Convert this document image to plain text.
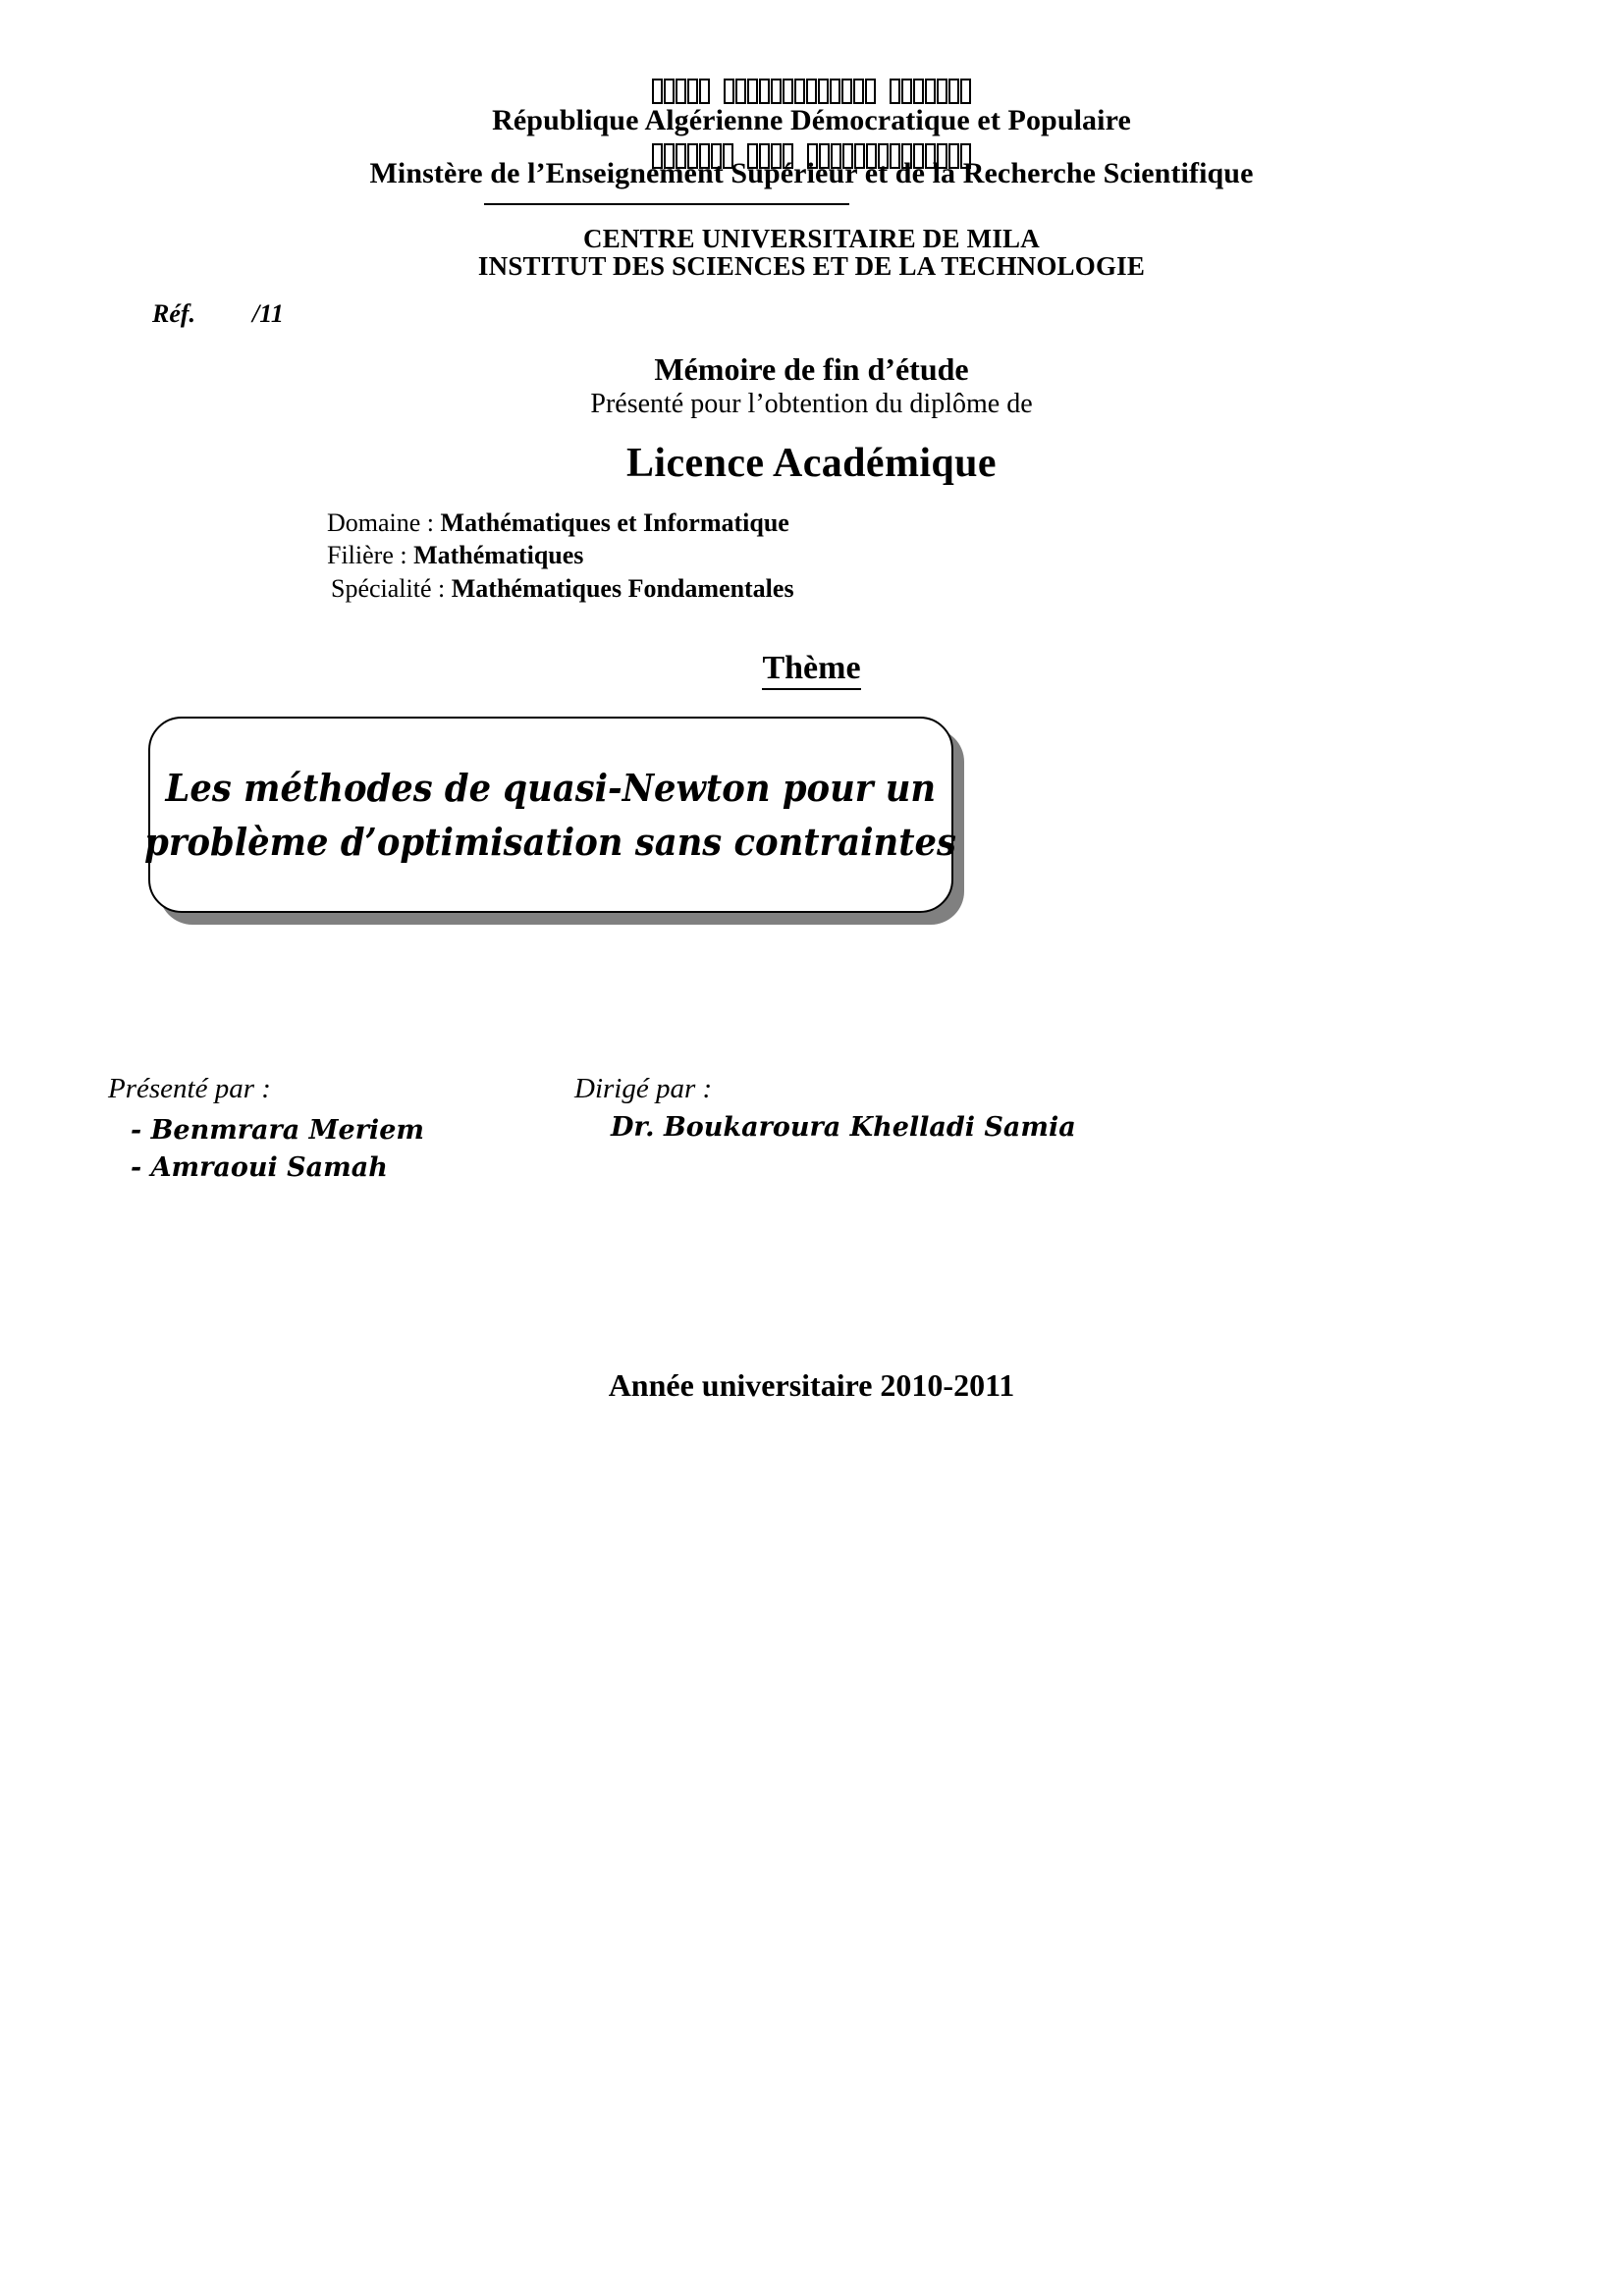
République Algérienne Démocratique et Populaire
Minstère de l’Enseignement Supérieur et de la Recherche Scientifique
CENTRE UNIVERSITAIRE DE MILA
INSTITUT DES SCIENCES ET DE LA TECHNOLOGIE
Réf. /11
Mémoire de fin d’étude
Présenté pour l’obtention du diplôme de
Licence Académique
Domaine : Mathématiques et Informatique
Filière : Mathématiques
Spécialité : Mathématiques Fondamentales
Thème
Les méthodes de quasi-Newton pour un
problème d’optimisation sans contraintes
Présenté par :
- Benmrara Meriem
- Amraoui Samah
Dirigé par :
Dr. Boukaroura Khelladi Samia
Année universitaire 2010-2011
